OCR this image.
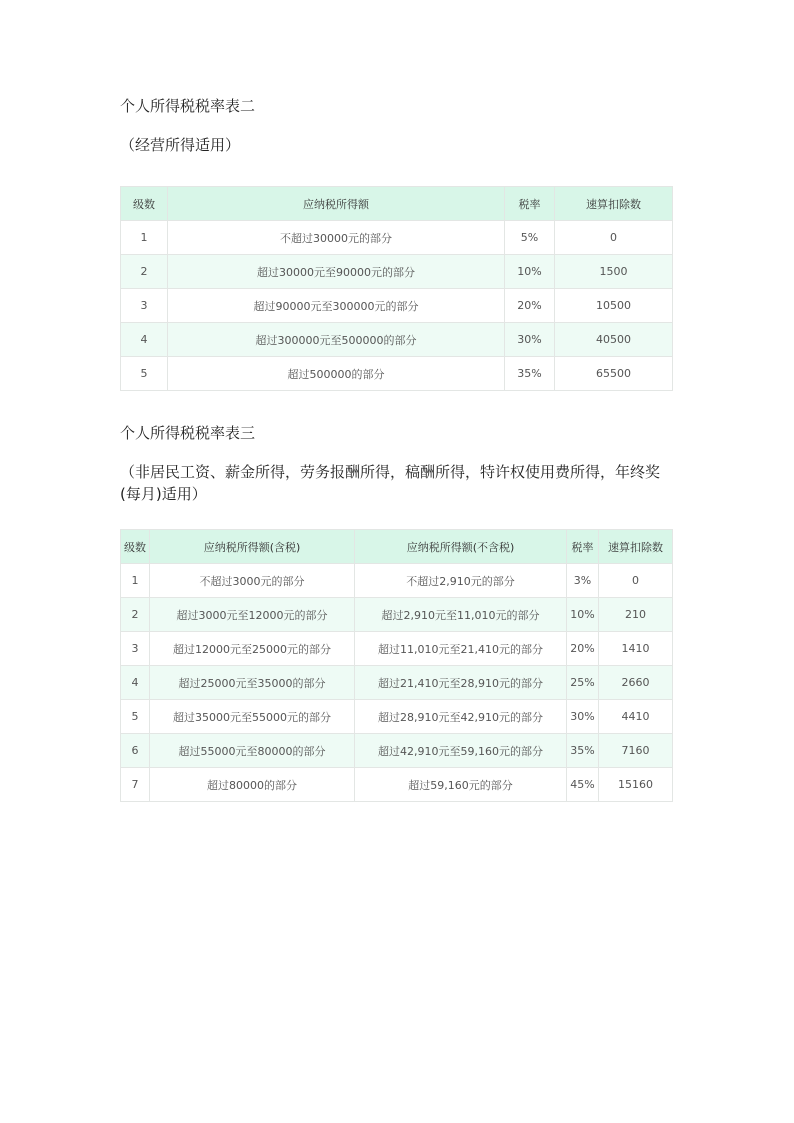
个人所得税税率表二

（经营所得适用）

级数	应纳税所得额	税率	速算扣除数
1	不超过30000元的部分	5%	0
2	超过30000元至90000元的部分	10%	1500
3	超过90000元至300000元的部分	20%	10500
4	超过300000元至500000的部分	30%	40500
5	超过500000的部分	35%	65500
个人所得税税率表三

（非居民工资、薪金所得，劳务报酬所得，稿酬所得，特许权使用费所得，年终奖(每月)适用）

级数	应纳税所得额(含税)	应纳税所得额(不含税)	税率	速算扣除数
1	不超过3000元的部分	不超过2,910元的部分	3%	0
2	超过3000元至12000元的部分	超过2,910元至11,010元的部分	10%	210
3	超过12000元至25000元的部分	超过11,010元至21,410元的部分	20%	1410
4	超过25000元至35000的部分	超过21,410元至28,910元的部分	25%	2660
5	超过35000元至55000元的部分	超过28,910元至42,910元的部分	30%	4410
6	超过55000元至80000的部分	超过42,910元至59,160元的部分	35%	7160
7	超过80000的部分	超过59,160元的部分	45%	15160
